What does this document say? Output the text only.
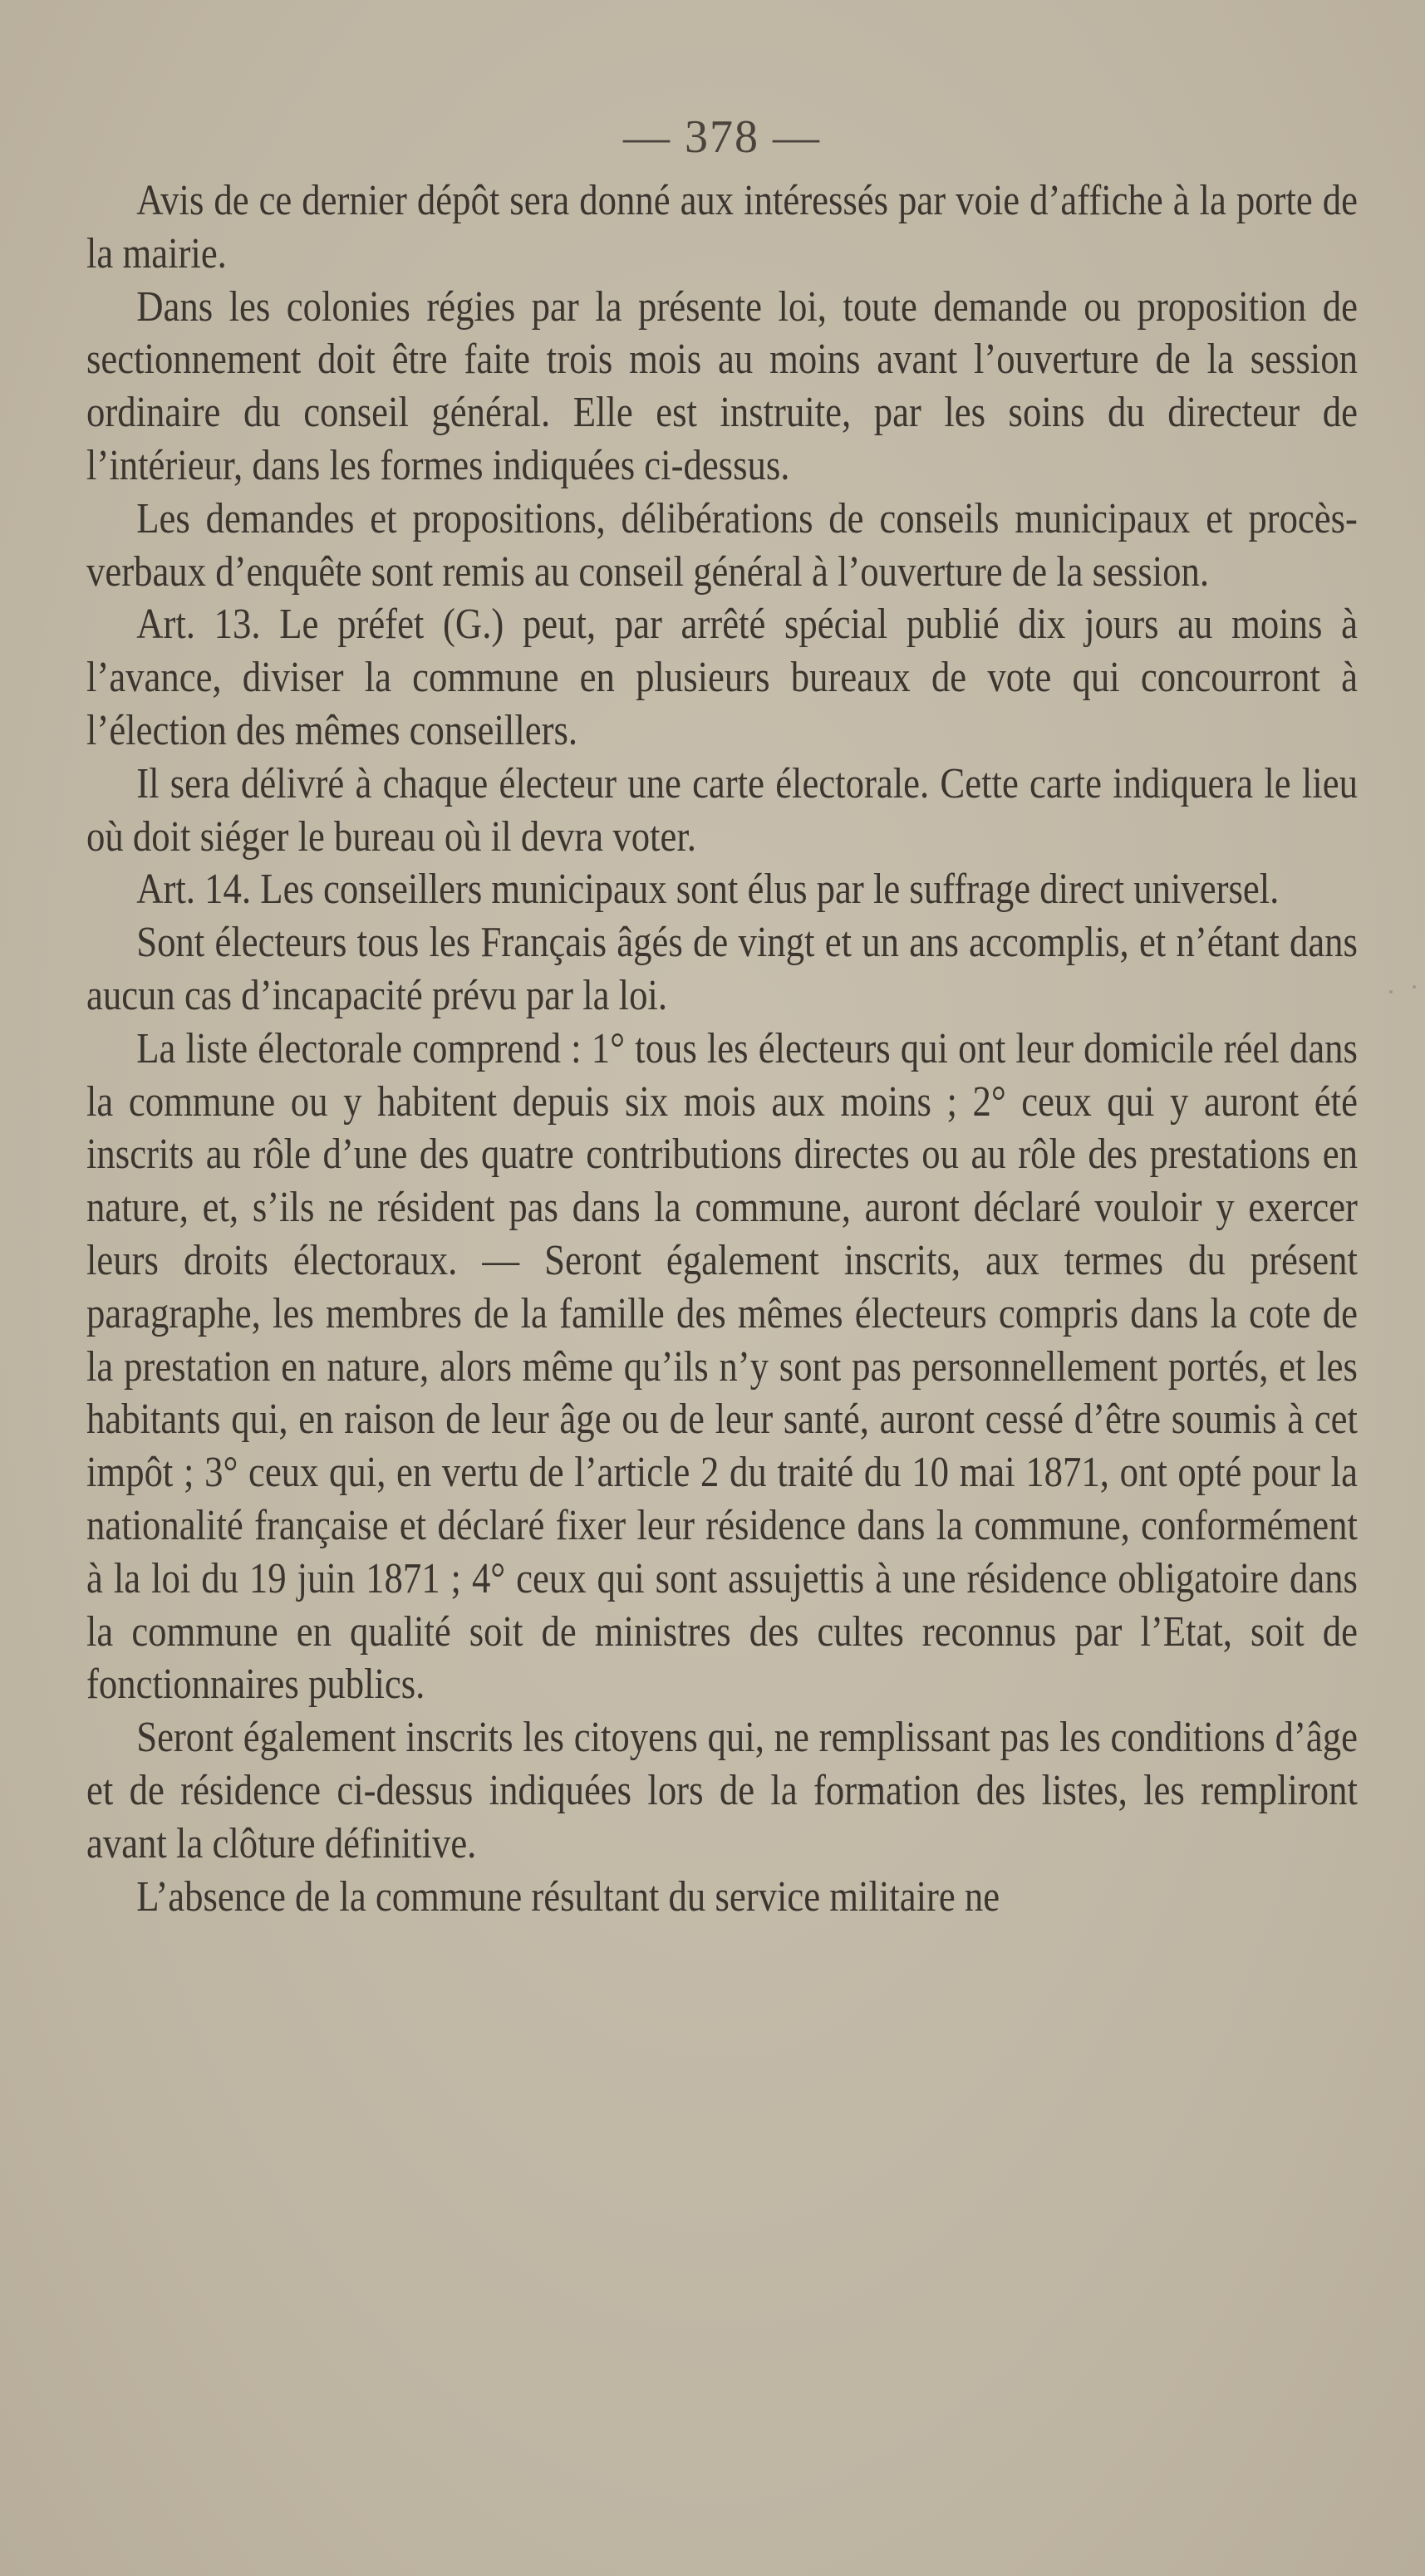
— 378 —

Avis de ce dernier dépôt sera donné aux intéressés par voie d’affiche à la porte de la mairie.

Dans les colonies régies par la présente loi, toute demande ou proposition de sectionnement doit être faite trois mois au moins avant l’ouverture de la session ordinaire du conseil général. Elle est instruite, par les soins du directeur de l’intérieur, dans les formes indiquées ci-dessus.

Les demandes et propositions, délibérations de conseils municipaux et procès-verbaux d’enquête sont remis au conseil général à l’ouverture de la session.

Art. 13. Le préfet (G.) peut, par arrêté spécial publié dix jours au moins à l’avance, diviser la commune en plusieurs bureaux de vote qui concourront à l’élection des mêmes conseillers.

Il sera délivré à chaque électeur une carte électorale. Cette carte indiquera le lieu où doit siéger le bureau où il devra voter.

Art. 14. Les conseillers municipaux sont élus par le suffrage direct universel.

Sont électeurs tous les Français âgés de vingt et un ans accomplis, et n’étant dans aucun cas d’incapacité prévu par la loi.

La liste électorale comprend : 1° tous les électeurs qui ont leur domicile réel dans la commune ou y habitent depuis six mois aux moins ; 2° ceux qui y auront été inscrits au rôle d’une des quatre contributions directes ou au rôle des prestations en nature, et, s’ils ne résident pas dans la commune, auront déclaré vouloir y exercer leurs droits électoraux. — Seront également inscrits, aux termes du présent paragraphe, les membres de la famille des mêmes électeurs compris dans la cote de la prestation en nature, alors même qu’ils n’y sont pas personnellement portés, et les habitants qui, en raison de leur âge ou de leur santé, auront cessé d’être soumis à cet impôt ; 3° ceux qui, en vertu de l’article 2 du traité du 10 mai 1871, ont opté pour la nationalité française et déclaré fixer leur résidence dans la commune, conformément à la loi du 19 juin 1871 ; 4° ceux qui sont assujettis à une résidence obligatoire dans la commune en qualité soit de ministres des cultes reconnus par l’Etat, soit de fonctionnaires publics.

Seront également inscrits les citoyens qui, ne remplissant pas les conditions d’âge et de résidence ci-dessus indiquées lors de la formation des listes, les rempliront avant la clôture définitive.

L’absence de la commune résultant du service militaire ne
